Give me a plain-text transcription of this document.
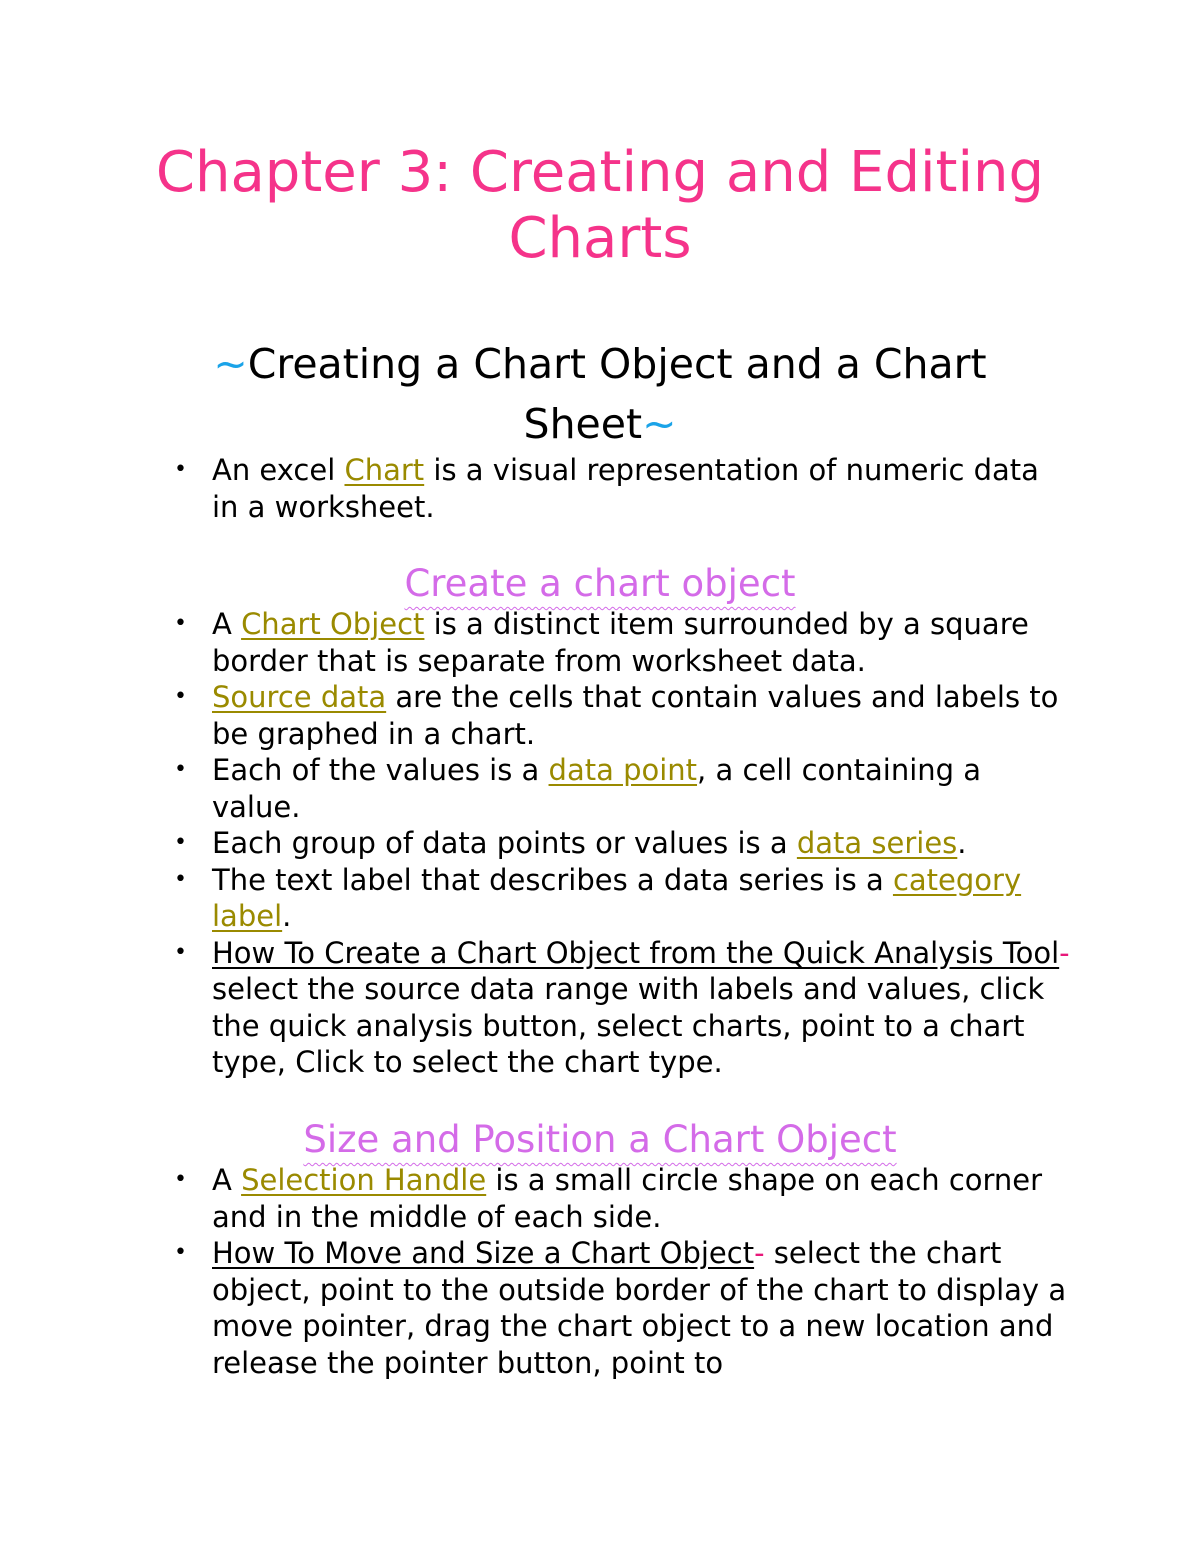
Chapter 3: Creating and Editing
Charts
~Creating a Chart Object and a Chart
Sheet~
• An excel Chart is a visual representation of numeric data in a worksheet.
Create a chart object
• A Chart Object is a distinct item surrounded by a square border that is separate from worksheet data.
• Source data are the cells that contain values and labels to be graphed in a chart.
• Each of the values is a data point, a cell containing a value.
• Each group of data points or values is a data series.
• The text label that describes a data series is a category label.
• How To Create a Chart Object from the Quick Analysis Tool- select the source data range with labels and values, click the quick analysis button, select charts, point to a chart type, Click to select the chart type.
Size and Position a Chart Object
• A Selection Handle is a small circle shape on each corner and in the middle of each side.
• How To Move and Size a Chart Object- select the chart object, point to the outside border of the chart to display a move pointer, drag the chart object to a new location and release the pointer button, point to
